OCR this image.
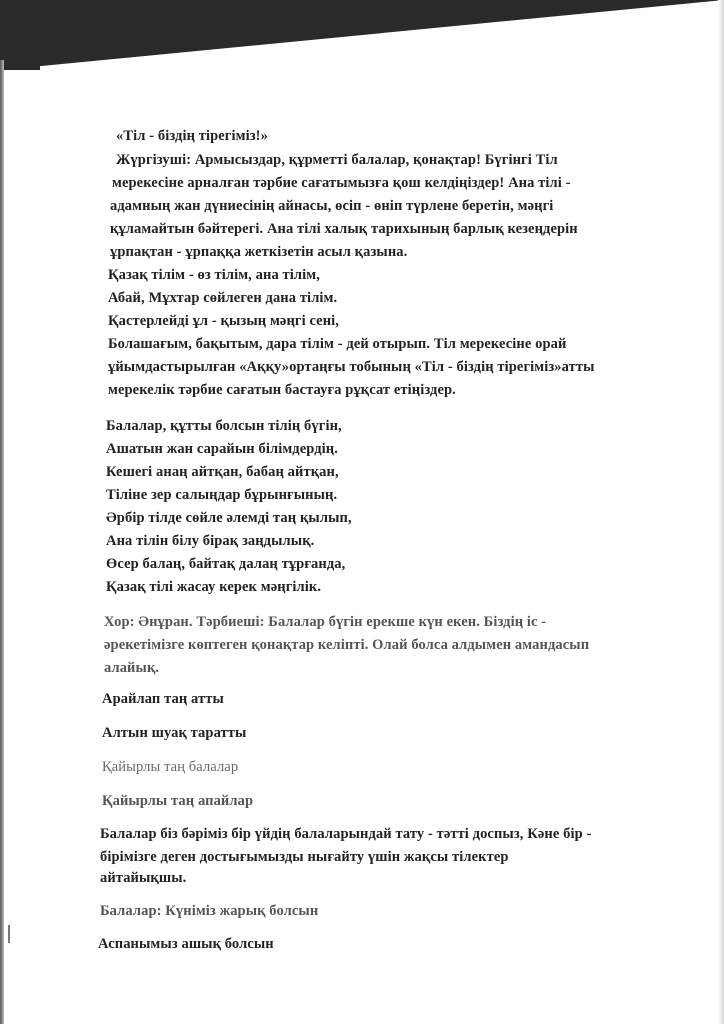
«Тіл - біздің тірегіміз!»
Жүргізуші: Армысыздар, құрметті балалар, қонақтар! Бүгінгі Тіл
мерекесіне арналған тәрбие сағатымызға қош келдіңіздер! Ана тілі -
адамның жан дүниесінің айнасы, өсіп - өніп түрлене беретін, мәңгі
құламайтын бәйтерегі. Ана тілі халық тарихының барлық кезеңдерін
ұрпақтан - ұрпаққа жеткізетін асыл қазына.
Қазақ тілім - өз тілім, ана тілім,
Абай, Мұхтар сөйлеген дана тілім.
Қастерлейді ұл - қызың мәңгі сені,
Болашағым, бақытым, дара тілім - дей отырып. Тіл мерекесіне орай
ұйымдастырылған «Аққу»ортаңғы тобының «Тіл - біздің тірегіміз»атты
мерекелік тәрбие сағатын бастауға рұқсат етіңіздер.
Балалар, құтты болсын тілің бүгін,
Ашатын жан сарайын білімдердің.
Кешегі анаң айтқан, бабаң айтқан,
Тіліне зер салыңдар бұрынғының.
Әрбір тілде сөйле әлемді таң қылып,
Ана тілін білу бірақ заңдылық.
Өсер балаң, байтақ далаң тұрғанда,
Қазақ тілі жасау керек мәңгілік.
Хор: Әнұран. Тәрбиеші: Балалар бүгін ерекше күн екен. Біздің іс -
әрекетімізге көптеген қонақтар келіпті. Олай болса алдымен амандасып
алайық.
Арайлап таң атты
Алтын шуақ таратты
Қайырлы таң балалар
Қайырлы таң апайлар
Балалар біз бәріміз бір үйдің балаларындай тату - тәтті доспыз, Кәне бір -
бірімізге деген достығымызды нығайту үшін жақсы тілектер
айтайықшы.
Балалар: Күніміз жарық болсын
Аспанымыз ашық болсын
